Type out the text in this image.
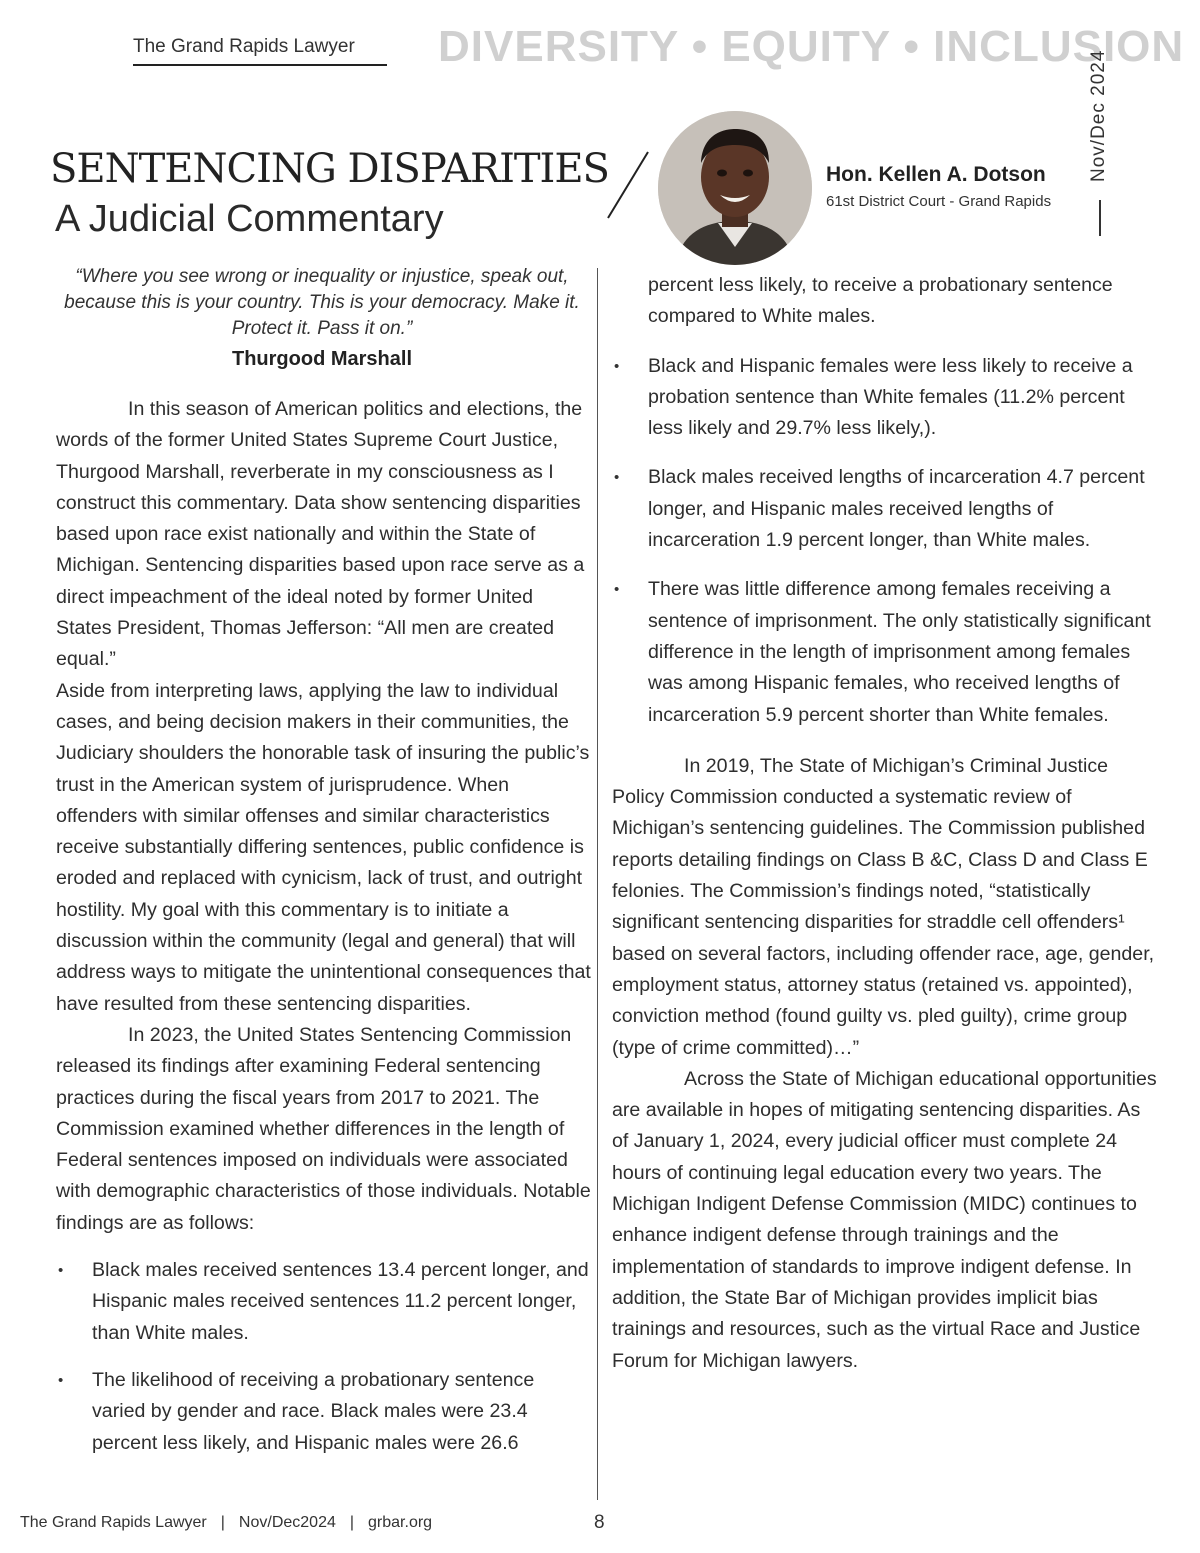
The Grand Rapids Lawyer	DIVERSITY • EQUITY • INCLUSION
Nov/Dec 2024
SENTENCING DISPARITIES
A Judicial Commentary
Hon. Kellen A. Dotson
61st District Court - Grand Rapids
“Where you see wrong or inequality or injustice, speak out, because this is your country. This is your democracy. Make it. Protect it. Pass it on.”
Thurgood Marshall

In this season of American politics and elections, the words of the former United States Supreme Court Justice, Thurgood Marshall, reverberate in my consciousness as I construct this commentary. Data show sentencing disparities based upon race exist nationally and within the State of Michigan. Sentencing disparities based upon race serve as a direct impeachment of the ideal noted by former United States President, Thomas Jefferson: “All men are created equal.”

Aside from interpreting laws, applying the law to individual cases, and being decision makers in their communities, the Judiciary shoulders the honorable task of insuring the public’s trust in the American system of jurisprudence. When offenders with similar offenses and similar characteristics receive substantially differing sentences, public confidence is eroded and replaced with cynicism, lack of trust, and outright hostility. My goal with this commentary is to initiate a discussion within the community (legal and general) that will address ways to mitigate the unintentional consequences that have resulted from these sentencing disparities.

In 2023, the United States Sentencing Commission released its findings after examining Federal sentencing practices during the fiscal years from 2017 to 2021. The Commission examined whether differences in the length of Federal sentences imposed on individuals were associated with demographic characteristics of those individuals. Notable findings are as follows:

• Black males received sentences 13.4 percent longer, and Hispanic males received sentences 11.2 percent longer, than White males.
• The likelihood of receiving a probationary sentence varied by gender and race. Black males were 23.4 percent less likely, and Hispanic males were 26.6
percent less likely, to receive a probationary sentence compared to White males.
• Black and Hispanic females were less likely to receive a probation sentence than White females (11.2% percent less likely and 29.7% less likely,).
• Black males received lengths of incarceration 4.7 percent longer, and Hispanic males received lengths of incarceration 1.9 percent longer, than White males.
• There was little difference among females receiving a sentence of imprisonment. The only statistically significant difference in the length of imprisonment among females was among Hispanic females, who received lengths of incarceration 5.9 percent shorter than White females.

In 2019, The State of Michigan’s Criminal Justice Policy Commission conducted a systematic review of Michigan’s sentencing guidelines. The Commission published reports detailing findings on Class B &C, Class D and Class E felonies. The Commission’s findings noted, “statistically significant sentencing disparities for straddle cell offenders¹ based on several factors, including offender race, age, gender, employment status, attorney status (retained vs. appointed), conviction method (found guilty vs. pled guilty), crime group (type of crime committed)…”

Across the State of Michigan educational opportunities are available in hopes of mitigating sentencing disparities. As of January 1, 2024, every judicial officer must complete 24 hours of continuing legal education every two years. The Michigan Indigent Defense Commission (MIDC) continues to enhance indigent defense through trainings and the implementation of standards to improve indigent defense. In addition, the State Bar of Michigan provides implicit bias trainings and resources, such as the virtual Race and Justice Forum for Michigan lawyers.

The Grand Rapids Lawyer | Nov/Dec2024 | grbar.org	8
